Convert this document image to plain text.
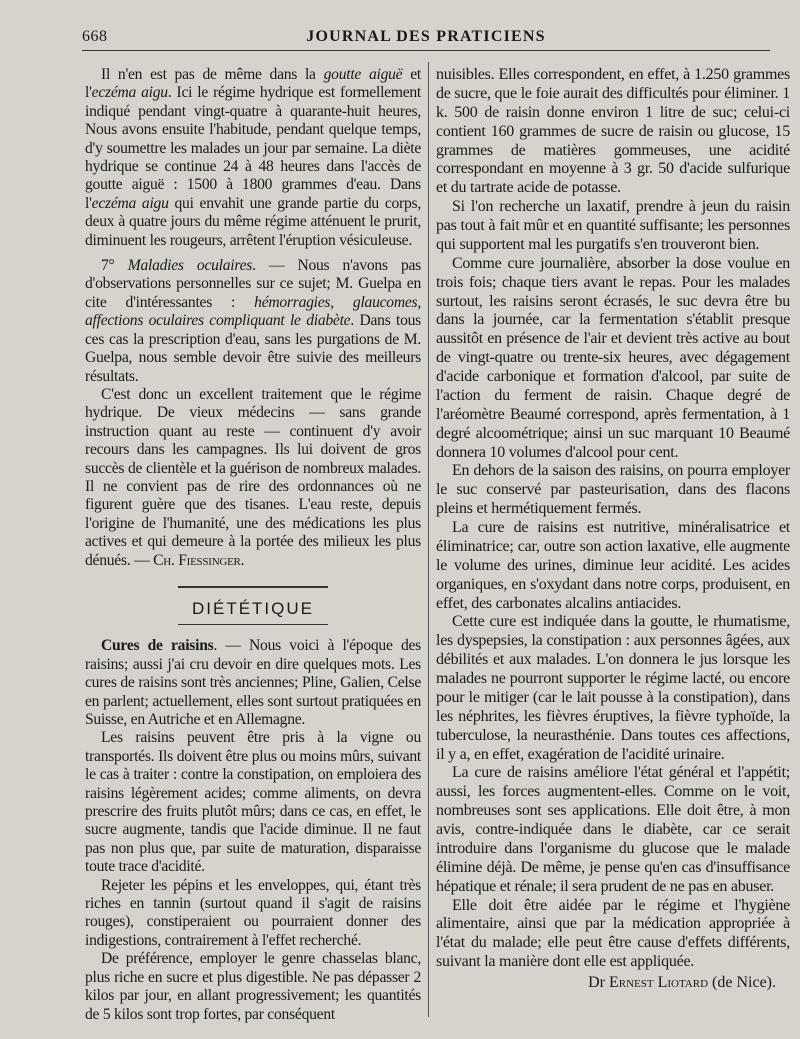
668	JOURNAL DES PRATICIENS

Il n'en est pas de même dans la goutte aiguë et l'eczéma aigu. Ici le régime hydrique est formellement indiqué pendant vingt-quatre à quarante-huit heures, Nous avons ensuite l'habitude, pendant quelque temps, d'y soumettre les malades un jour par semaine. La diète hydrique se continue 24 à 48 heures dans l'accès de goutte aiguë : 1500 à 1800 grammes d'eau. Dans l'eczéma aigu qui envahit une grande partie du corps, deux à quatre jours du même régime atténuent le prurit, diminuent les rougeurs, arrêtent l'éruption vésiculeuse.

7° Maladies oculaires. — Nous n'avons pas d'observations personnelles sur ce sujet; M. Guelpa en cite d'intéressantes : hémorragies, glaucomes, affections oculaires compliquant le diabète. Dans tous ces cas la prescription d'eau, sans les purgations de M. Guelpa, nous semble devoir être suivie des meilleurs résultats.

C'est donc un excellent traitement que le régime hydrique. De vieux médecins — sans grande instruction quant au reste — continuent d'y avoir recours dans les campagnes. Ils lui doivent de gros succès de clientèle et la guérison de nombreux malades. Il ne convient pas de rire des ordonnances où ne figurent guère que des tisanes. L'eau reste, depuis l'origine de l'humanité, une des médications les plus actives et qui demeure à la portée des milieux les plus dénués. — Ch. Fiessinger.

DIÉTÉTIQUE

Cures de raisins. — Nous voici à l'époque des raisins; aussi j'ai cru devoir en dire quelques mots. Les cures de raisins sont très anciennes; Pline, Galien, Celse en parlent; actuellement, elles sont surtout pratiquées en Suisse, en Autriche et en Allemagne.

Les raisins peuvent être pris à la vigne ou transportés. Ils doivent être plus ou moins mûrs, suivant le cas à traiter : contre la constipation, on emploiera des raisins légèrement acides; comme aliments, on devra prescrire des fruits plutôt mûrs; dans ce cas, en effet, le sucre augmente, tandis que l'acide diminue. Il ne faut pas non plus que, par suite de maturation, disparaisse toute trace d'acidité.

Rejeter les pépins et les enveloppes, qui, étant très riches en tannin (surtout quand il s'agit de raisins rouges), constiperaient ou pourraient donner des indigestions, contrairement à l'effet recherché.

De préférence, employer le genre chasselas blanc, plus riche en sucre et plus digestible. Ne pas dépasser 2 kilos par jour, en allant progressivement; les quantités de 5 kilos sont trop fortes, par conséquent

nuisibles. Elles correspondent, en effet, à 1.250 grammes de sucre, que le foie aurait des difficultés pour éliminer. 1 k. 500 de raisin donne environ 1 litre de suc; celui-ci contient 160 grammes de sucre de raisin ou glucose, 15 grammes de matières gommeuses, une acidité correspondant en moyenne à 3 gr. 50 d'acide sulfurique et du tartrate acide de potasse.

Si l'on recherche un laxatif, prendre à jeun du raisin pas tout à fait mûr et en quantité suffisante; les personnes qui supportent mal les purgatifs s'en trouveront bien.

Comme cure journalière, absorber la dose voulue en trois fois; chaque tiers avant le repas. Pour les malades surtout, les raisins seront écrasés, le suc devra être bu dans la journée, car la fermentation s'établit presque aussitôt en présence de l'air et devient très active au bout de vingt-quatre ou trente-six heures, avec dégagement d'acide carbonique et formation d'alcool, par suite de l'action du ferment de raisin. Chaque degré de l'aréomètre Beaumé correspond, après fermentation, à 1 degré alcoométrique; ainsi un suc marquant 10 Beaumé donnera 10 volumes d'alcool pour cent.

En dehors de la saison des raisins, on pourra employer le suc conservé par pasteurisation, dans des flacons pleins et hermétiquement fermés.

La cure de raisins est nutritive, minéralisatrice et éliminatrice; car, outre son action laxative, elle augmente le volume des urines, diminue leur acidité. Les acides organiques, en s'oxydant dans notre corps, produisent, en effet, des carbonates alcalins antiacides.

Cette cure est indiquée dans la goutte, le rhumatisme, les dyspepsies, la constipation : aux personnes âgées, aux débilités et aux malades. L'on donnera le jus lorsque les malades ne pourront supporter le régime lacté, ou encore pour le mitiger (car le lait pousse à la constipation), dans les néphrites, les fièvres éruptives, la fièvre typhoïde, la tuberculose, la neurasthénie. Dans toutes ces affections, il y a, en effet, exagération de l'acidité urinaire.

La cure de raisins améliore l'état général et l'appétit; aussi, les forces augmentent-elles. Comme on le voit, nombreuses sont ses applications. Elle doit être, à mon avis, contre-indiquée dans le diabète, car ce serait introduire dans l'organisme du glucose que le malade élimine déjà. De même, je pense qu'en cas d'insuffisance hépatique et rénale; il sera prudent de ne pas en abuser.

Elle doit être aidée par le régime et l'hygiène alimentaire, ainsi que par la médication appropriée à l'état du malade; elle peut être cause d'effets différents, suivant la manière dont elle est appliquée.

Dr Ernest Liotard (de Nice).
